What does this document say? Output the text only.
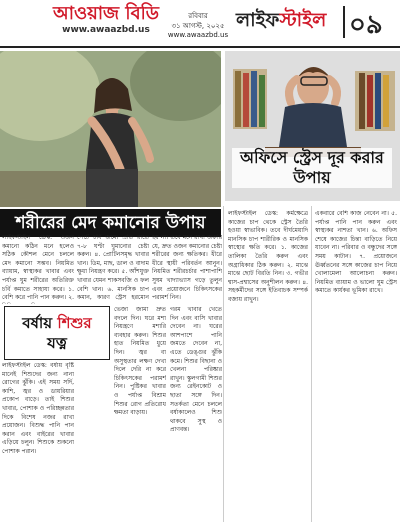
আওয়াজ বিডি
www.awaazbd.us
রবিবার
৩১ আগস্ট, ২০২৫
www.awaazbd.us
লাইফস্টাইল ০৯
অফিসে স্ট্রেস দূর করার উপায়
শরীরের মেদ কমানোর উপায়
লাইফস্টাইল ডেস্ক: ওজন কমানো কঠিন মনে হলেও সঠিক কৌশল মেনে চললে মেদ কমানো সম্ভব। নিয়মিত ব্যায়াম, স্বাস্থ্যকর খাবার এবং পর্যাপ্ত ঘুম শরীরের অতিরিক্ত চর্বি কমাতে সাহায্য করে। ১. বেশি করে পানি পান করুন। ২.
পেটে চর্বি জমে। প্রতি রাতে ৭-৮ ঘণ্টা ঘুমানোর চেষ্টা করুন। ৪. প্রোটিনসমৃদ্ধ খাবার খান। ডিম, মাছ, ডাল ও বাদাম ক্ষুধা নিয়ন্ত্রণ করে। ৫. আঁশযুক্ত খাবার যেমন শাকসবজি ও ফল বেশি খান। ৬. মানসিক চাপ কমান, কারণ স্ট্রেস হরমোন
হয় না। তবে মনে রাখা জরুরি যে, দ্রুত ওজন কমানোর চেষ্টা শরীরের জন্য ক্ষতিকর। ধীরে ধীরে স্থায়ী পরিবর্তন আনুন। নিয়মিত শরীরচর্চার পাশাপাশি সুষম খাদ্যাভ্যাস গড়ে তুলুন এবং প্রয়োজনে চিকিৎসকের পরামর্শ নিন।
বর্ষায় শিশুর
যত্ন
লাইফস্টাইল ডেস্ক: বর্ষায় বৃষ্টি মানেই শিশুদের জন্য নানা রোগের ঝুঁকি। এই সময় সর্দি, কাশি, জ্বর ও ডায়রিয়ার প্রকোপ বাড়ে। তাই শিশুর খাবার, পোশাক ও পরিচ্ছন্নতার দিকে বিশেষ নজর রাখা প্রয়োজন। বিশুদ্ধ পানি পান করান এবং বাইরের খাবার এড়িয়ে চলুন। শিশুকে শুকনো পোশাক পরান।
ভেজা জামা দ্রুত বদলে দিন। ঘরে মশা নিয়ন্ত্রণে মশারি ব্যবহার করুন। শিশুর হাত নিয়মিত ধুয়ে দিন। জ্বর বা অসুস্থতার লক্ষণ দেখা দিলে দেরি না করে চিকিৎসকের পরামর্শ নিন। পুষ্টিকর খাবার ও পর্যাপ্ত বিশ্রাম শিশুর রোগ প্রতিরোধ ক্ষমতা বাড়ায়।
গরম খাবার খেতে দিন এবং বাসি খাবার দেবেন না। ঘরের আশপাশে পানি জমতে দেবেন না, এতে ডেঙ্গুর ঝুঁকি কমে। শিশুর বিছানা ও খেলনা পরিষ্কার রাখুন। স্কুলগামী শিশুর জন্য রেইনকোট ও ছাতা সঙ্গে দিন। সতর্কতা মেনে চললে বর্ষাকালেও শিশু থাকবে সুস্থ ও প্রাণবন্ত।
লাইফস্টাইল ডেস্ক: কর্মক্ষেত্রে কাজের চাপ থেকে স্ট্রেস তৈরি হওয়া স্বাভাবিক। তবে দীর্ঘমেয়াদি মানসিক চাপ শারীরিক ও মানসিক স্বাস্থ্যের ক্ষতি করে। ১. কাজের তালিকা তৈরি করুন এবং অগ্রাধিকার ঠিক করুন। ২. মাঝে মাঝে ছোট বিরতি নিন। ৩. গভীর শ্বাস-প্রশ্বাসের অনুশীলন করুন। ৪. সহকর্মীদের সঙ্গে ইতিবাচক সম্পর্ক বজায় রাখুন।
একবারে বেশি কাজ নেবেন না। ৫. পর্যাপ্ত পানি পান করুন এবং স্বাস্থ্যকর নাশতা খান। ৬. অফিস শেষে কাজের চিন্তা বাড়িতে নিয়ে যাবেন না। পরিবার ও বন্ধুদের সঙ্গে সময় কাটান। ৭. প্রয়োজনে ঊর্ধ্বতনের সঙ্গে কাজের চাপ নিয়ে খোলামেলা আলোচনা করুন। নিয়মিত ব্যায়াম ও ভালো ঘুম স্ট্রেস কমাতে কার্যকর ভূমিকা রাখে।
